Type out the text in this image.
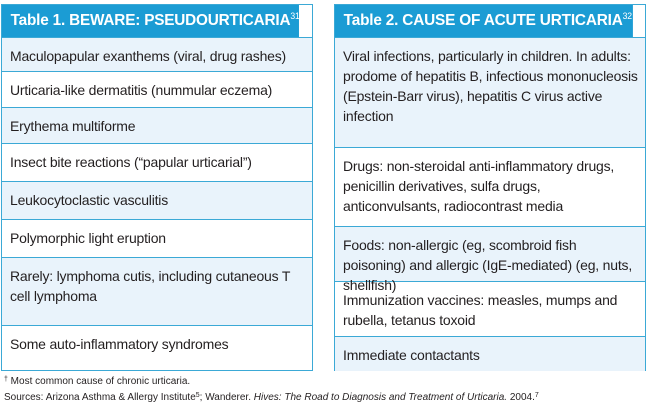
Table 1. BEWARE: PSEUDOURTICARIA$^{31}$
Maculopapular exanthems (viral, drug rashes)
Urticaria-like dermatitis (nummular eczema)
Erythema multiforme
Insect bite reactions (“papular urticarial”)
Leukocytoclastic vasculitis
Polymorphic light eruption
Rarely: lymphoma cutis, including cutaneous T cell lymphoma
Some auto-inflammatory syndromes
Table 2. CAUSE OF ACUTE URTICARIA$^{32}$
Viral infections, particularly in children. In adults: prodome of hepatitis B, infectious mononucleosis (Epstein-Barr virus), hepatitis C virus active infection
Drugs: non-steroidal anti-inflammatory drugs, penicillin derivatives, sulfa drugs, anticonvulsants, radiocontrast media
Foods: non-allergic (eg, scombroid fish poisoning) and allergic (IgE-mediated) (eg, nuts, shellfish)
Immunization vaccines: measles, mumps and rubella, tetanus toxoid
Immediate contactants
† Most common cause of chronic urticaria.
Sources: Arizona Asthma & Allergy Institute$^5$; Wanderer. Hives: The Road to Diagnosis and Treatment of Urticaria. 2004.$^7$
